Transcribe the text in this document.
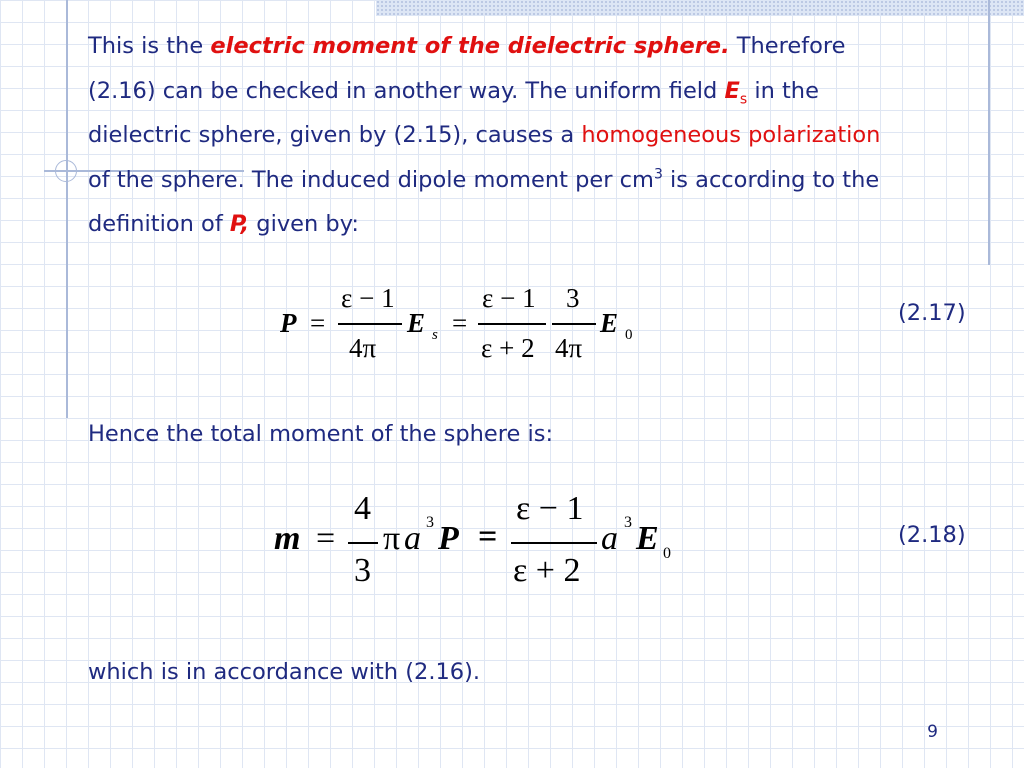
This is the electric moment of the dielectric sphere. Therefore

(2.16) can be checked in another way. The uniform field $E_s$ in the

dielectric sphere, given by (2.15), causes a homogeneous polarization

of the sphere. The induced dipole moment per $cm^3$ is according to the

definition of P, given by:

P =
ε − 1
4π
E s =
ε − 1
ε + 2
3
4π
E 0
(2.17)

Hence the total moment of the sphere is:

m =
4
3
π a 3 P =
ε − 1
ε + 2
a 3 E 0
(2.18)

which is in accordance with (2.16).

9
